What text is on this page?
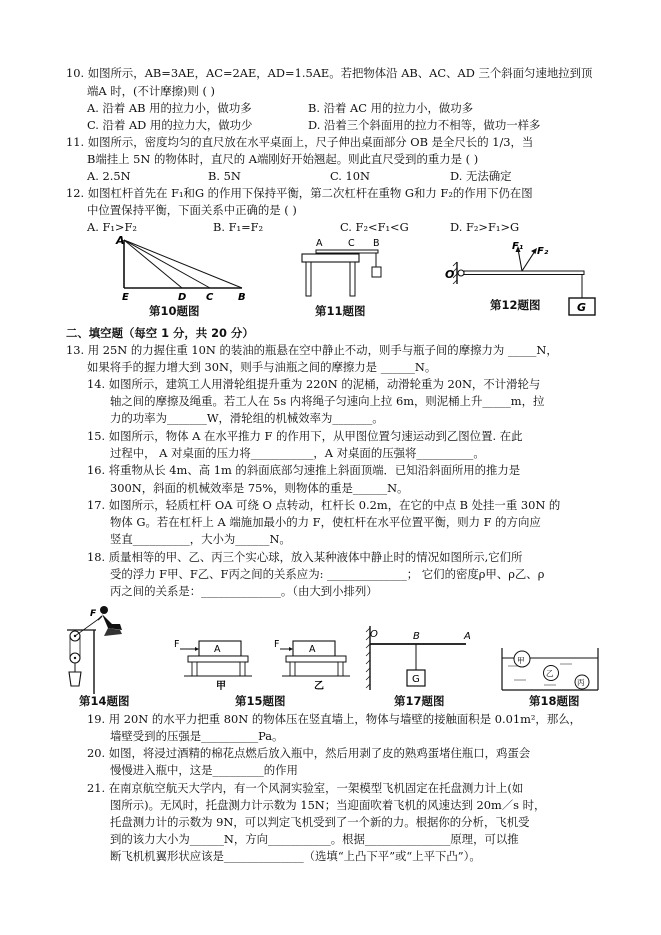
10. 如图所示，AB=3AE，AC=2AE，AD=1.5AE。若把物体沿 AB、AC、AD 三个斜面匀速地拉到顶
端A 时，(不计摩擦)则 ( )
A. 沿着 AB 用的拉力小，做功多	B. 沿着 AC 用的拉力小，做功多
C. 沿着 AD 用的拉力大，做功少	D. 沿着三个斜面用的拉力不相等，做功一样多
11. 如图所示，密度均匀的直尺放在水平桌面上，尺子伸出桌面部分 OB 是全尺长的 1/3，当
B端挂上 5N 的物体时，直尺的 A端刚好开始翘起。则此直尺受到的重力是 ( )
A. 2.5N	B. 5N	C. 10N	D. 无法确定
12. 如图杠杆首先在 F₁和G 的作用下保持平衡，第二次杠杆在重物 G和力 F₂的作用下仍在图
中位置保持平衡，下面关系中正确的是 ( )
A. F₁>F₂	B. F₁=F₂	C. F₂<F₁<G	D. F₂>F₁>G
A
E	D C B
第10题图
A	C B
第11题图
O
F₁ F₂
G
第12题图
二、填空题（每空 1 分，共 20 分）
13. 用 25N 的力握住重 10N 的装油的瓶悬在空中静止不动，则手与瓶子间的摩擦力为 _____N，
如果将手的握力增大到 30N，则手与油瓶之间的摩擦力是 ______N。
14. 如图所示，建筑工人用滑轮组提升重为 220N 的泥桶，动滑轮重为 20N，不计滑轮与
轴之间的摩擦及绳重。若工人在 5s 内将绳子匀速向上拉 6m，则泥桶上升_____m，拉
力的功率为_______W，滑轮组的机械效率为_______。
15. 如图所示，物体 A 在水平推力 F 的作用下，从甲图位置匀速运动到乙图位置. 在此
过程中， A 对桌面的压力将___________，A 对桌面的压强将__________。
16. 将重物从长 4m、高 1m 的斜面底部匀速推上斜面顶端．已知沿斜面所用的推力是
300N，斜面的机械效率是 75%，则物体的重是______N。
17. 如图所示，轻质杠杆 OA 可绕 O 点转动，杠杆长 0.2m，在它的中点 B 处挂一重 30N 的
物体 G。若在杠杆上 A 端施加最小的力 F，使杠杆在水平位置平衡，则力 F 的方向应
竖直__________，大小为______N。
18. 质量相等的甲、乙、丙三个实心球，放入某种液体中静止时的情况如图所示,它们所
受的浮力 F甲、F乙、F丙之间的关系应为: ______________； 它们的密度ρ甲、ρ乙、ρ
丙之间的关系是：______________。（由大到小排列）
F
第14题图
F	A
甲
F	A
乙
第15题图
O	B	A
G
第17题图
甲
乙
丙
第18题图
19. 用 20N 的水平力把重 80N 的物体压在竖直墙上，物体与墙壁的接触面积是 0.01m²，那么，
墙壁受到的压强是__________Pa。
20. 如图，将浸过酒精的棉花点燃后放入瓶中，然后用剥了皮的熟鸡蛋堵住瓶口，鸡蛋会
慢慢进入瓶中，这是_________的作用
21. 在南京航空航天大学内，有一个风洞实验室，一架模型飞机固定在托盘测力计上(如
图所示)。无风时，托盘测力计示数为 15N；当迎面吹着飞机的风速达到 20m／s 时，
托盘测力计的示数为 9N，可以判定飞机受到了一个新的力。根据你的分析，飞机受
到的该力大小为______N，方向___________。根据_______________原理，可以推
断飞机机翼形状应该是______________（选填“上凸下平”或“上平下凸”）。
